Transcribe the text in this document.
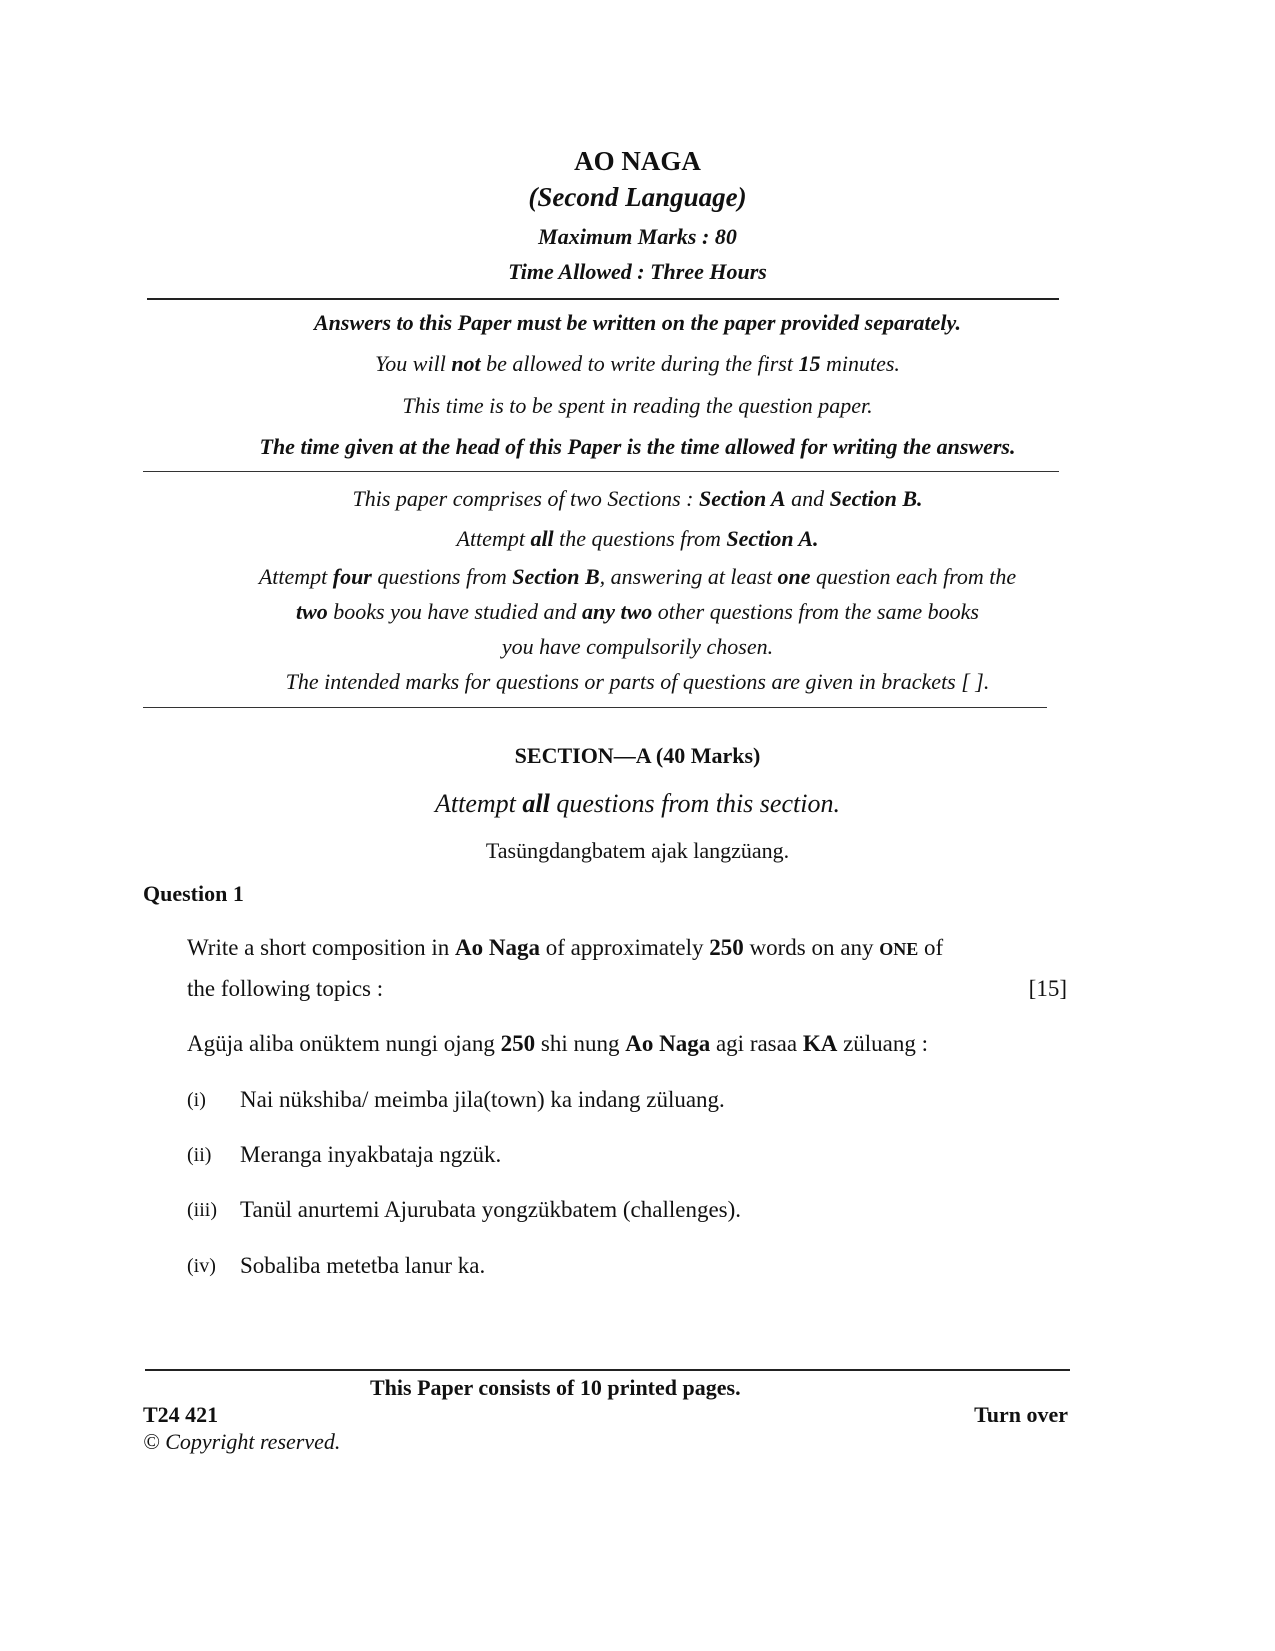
AO NAGA
(Second Language)
Maximum Marks : 80
Time Allowed : Three Hours
Answers to this Paper must be written on the paper provided separately.
You will not be allowed to write during the first 15 minutes.
This time is to be spent in reading the question paper.
The time given at the head of this Paper is the time allowed for writing the answers.
This paper comprises of two Sections : Section A and Section B.
Attempt all the questions from Section A.
Attempt four questions from Section B, answering at least one question each from the
two books you have studied and any two other questions from the same books
you have compulsorily chosen.
The intended marks for questions or parts of questions are given in brackets [ ].
SECTION—A (40 Marks)
Attempt all questions from this section.
Tasüngdangbatem ajak langzüang.
Question 1
Write a short composition in Ao Naga of approximately 250 words on any ONE of
the following topics :	[15]
Agüja aliba onüktem nungi ojang 250 shi nung Ao Naga agi rasaa KA züluang :
(i) Nai nükshiba/ meimba jila(town) ka indang züluang.
(ii) Meranga inyakbataja ngzük.
(iii) Tanül anurtemi Ajurubata yongzükbatem (challenges).
(iv) Sobaliba metetba lanur ka.
This Paper consists of 10 printed pages.
T24 421	Turn over
© Copyright reserved.
